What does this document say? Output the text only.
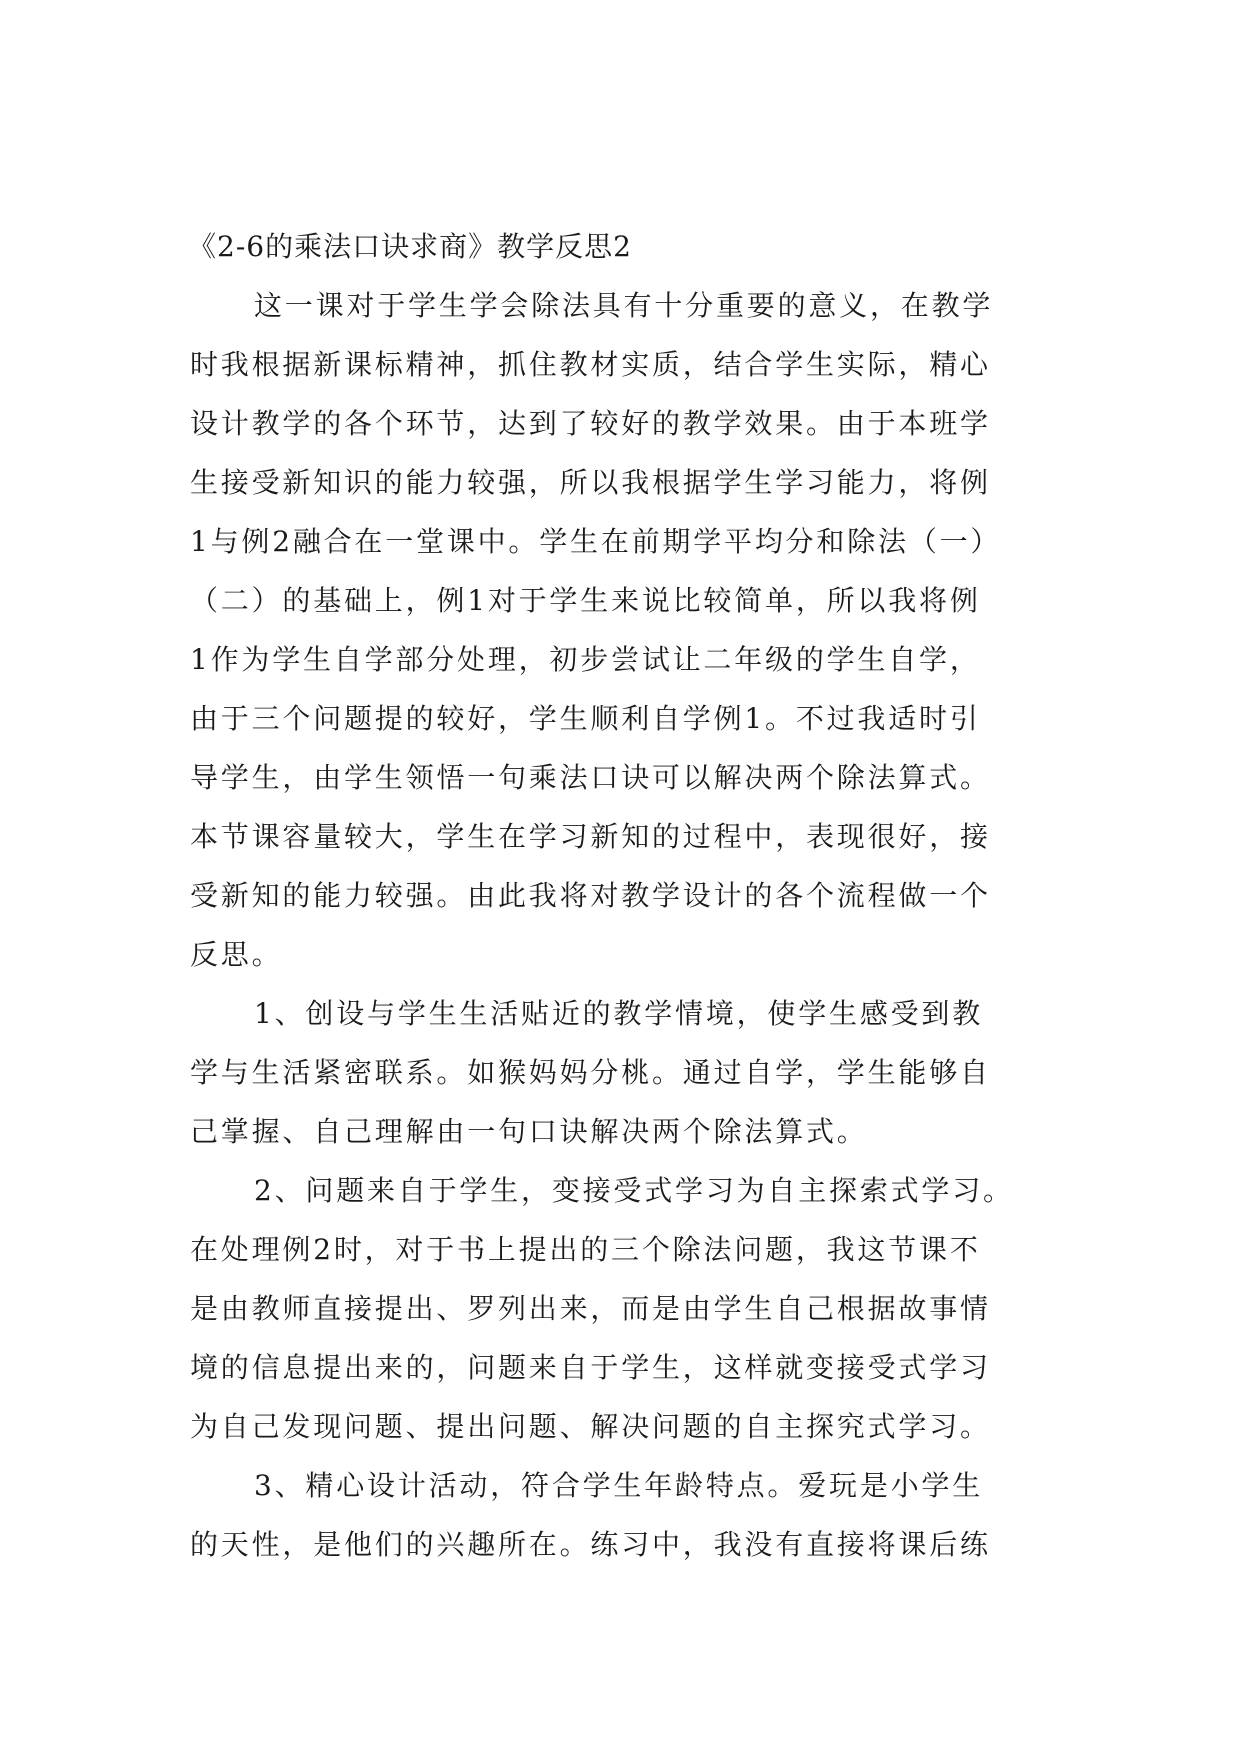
《2-6的乘法口诀求商》教学反思2
这一课对于学生学会除法具有十分重要的意义，在教学
时我根据新课标精神，抓住教材实质，结合学生实际，精心
设计教学的各个环节，达到了较好的教学效果。由于本班学
生接受新知识的能力较强，所以我根据学生学习能力，将例
1与例2融合在一堂课中。学生在前期学平均分和除法（一）
（二）的基础上，例1对于学生来说比较简单，所以我将例
1作为学生自学部分处理，初步尝试让二年级的学生自学，
由于三个问题提的较好，学生顺利自学例1。不过我适时引
导学生，由学生领悟一句乘法口诀可以解决两个除法算式。
本节课容量较大，学生在学习新知的过程中，表现很好，接
受新知的能力较强。由此我将对教学设计的各个流程做一个
反思。
1、创设与学生生活贴近的教学情境，使学生感受到教
学与生活紧密联系。如猴妈妈分桃。通过自学，学生能够自
己掌握、自己理解由一句口诀解决两个除法算式。
2、问题来自于学生，变接受式学习为自主探索式学习。
在处理例2时，对于书上提出的三个除法问题，我这节课不
是由教师直接提出、罗列出来，而是由学生自己根据故事情
境的信息提出来的，问题来自于学生，这样就变接受式学习
为自己发现问题、提出问题、解决问题的自主探究式学习。
3、精心设计活动，符合学生年龄特点。爱玩是小学生
的天性，是他们的兴趣所在。练习中，我没有直接将课后练
